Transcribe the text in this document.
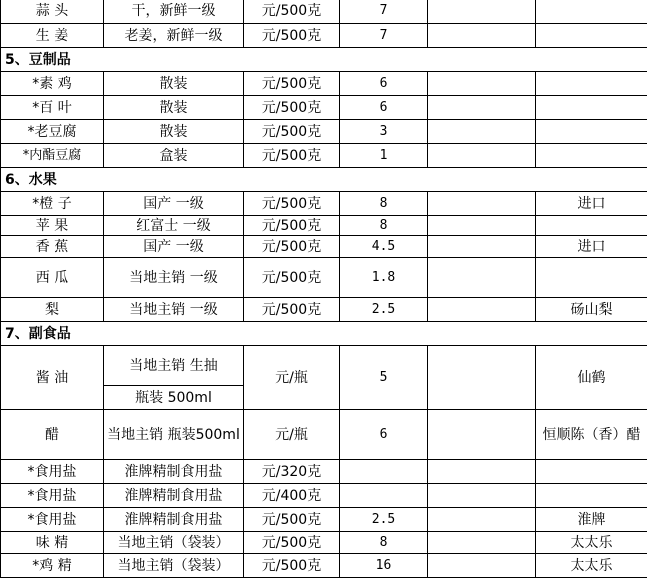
蒜 头	干，新鲜一级	元/500克	7		
生 姜	老姜，新鲜一级	元/500克	7		
5、豆制品					
*素 鸡	散装	元/500克	6		
*百 叶	散装	元/500克	6		
*老豆腐	散装	元/500克	3		
*内酯豆腐	盒装	元/500克	1		
6、水果					
*橙 子	国产 一级	元/500克	8		进口
苹 果	红富士 一级	元/500克	8		
香 蕉	国产 一级	元/500克	4.5		进口
西 瓜	当地主销 一级	元/500克	1.8		
梨	当地主销 一级	元/500克	2.5		砀山梨
7、副食品					
酱 油	当地主销 生抽	元/瓶	5		仙鹤
	瓶装 500ml				
醋	当地主销 瓶装500ml	元/瓶	6		恒顺陈（香）醋
*食用盐	淮牌精制食用盐	元/320克			
*食用盐	淮牌精制食用盐	元/400克			
*食用盐	淮牌精制食用盐	元/500克	2.5		淮牌
味 精	当地主销（袋装）	元/500克	8		太太乐
*鸡 精	当地主销（袋装）	元/500克	16		太太乐
